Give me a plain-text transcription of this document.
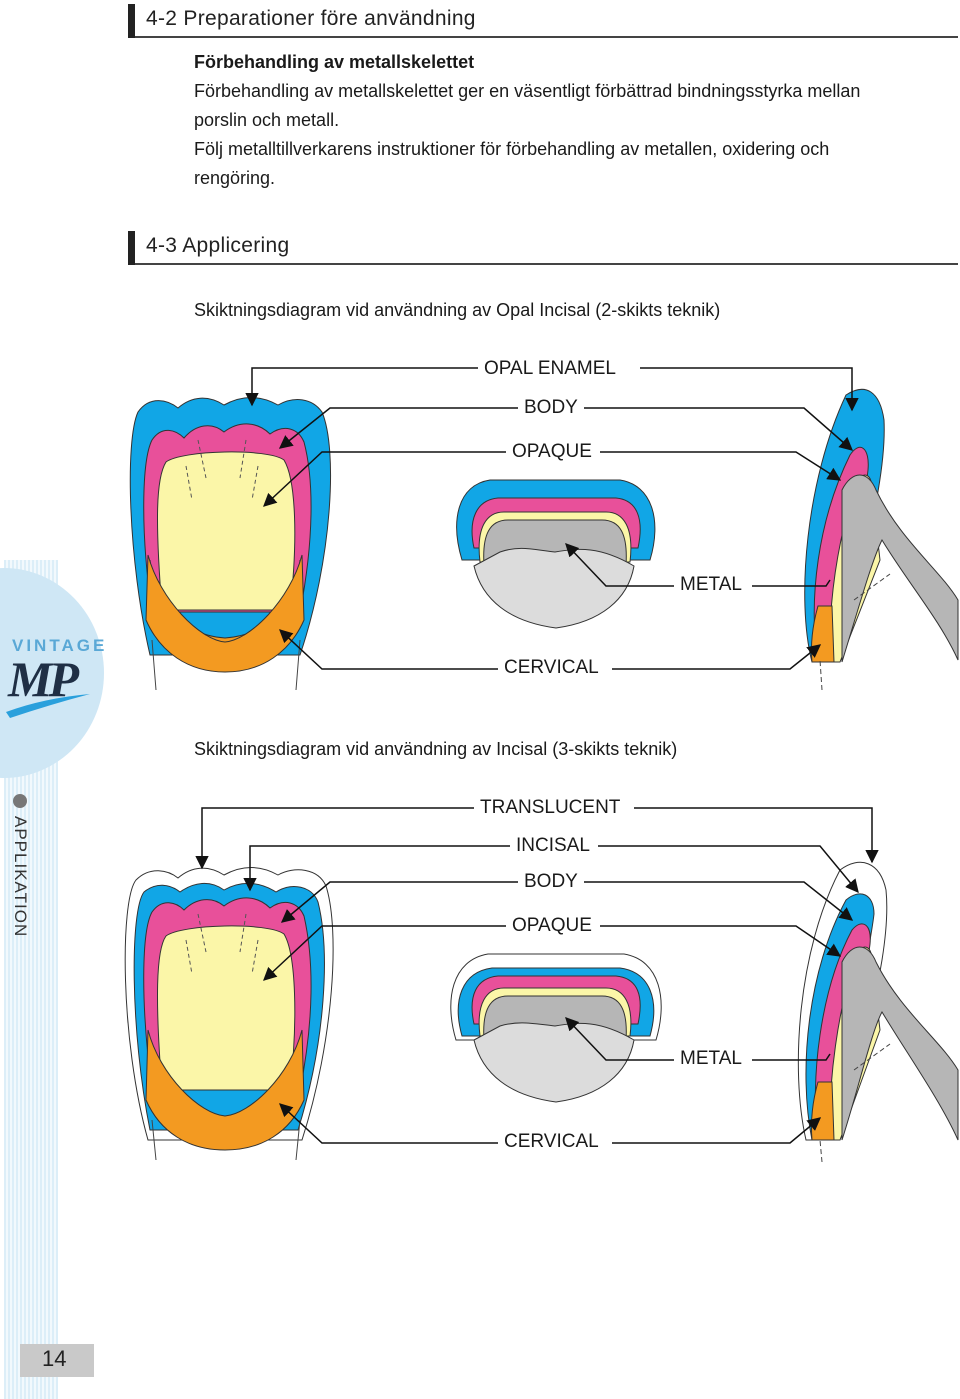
VINTAGE
MP
APPLIKATION
14
4-2 Preparationer före användning
Förbehandling av metallskelettet
Förbehandling av metallskelettet ger en väsentligt förbättrad bindningsstyrka mellan
porslin och metall.
Följ metalltillverkarens instruktioner för förbehandling av metallen, oxidering och
rengöring.
4-3 Applicering
Skiktningsdiagram vid användning av Opal Incisal (2-skikts teknik)
OPAL ENAMEL
BODY
OPAQUE
METAL
CERVICAL
Skiktningsdiagram vid användning av Incisal (3-skikts teknik)
TRANSLUCENT
INCISAL
BODY
OPAQUE
METAL
CERVICAL
